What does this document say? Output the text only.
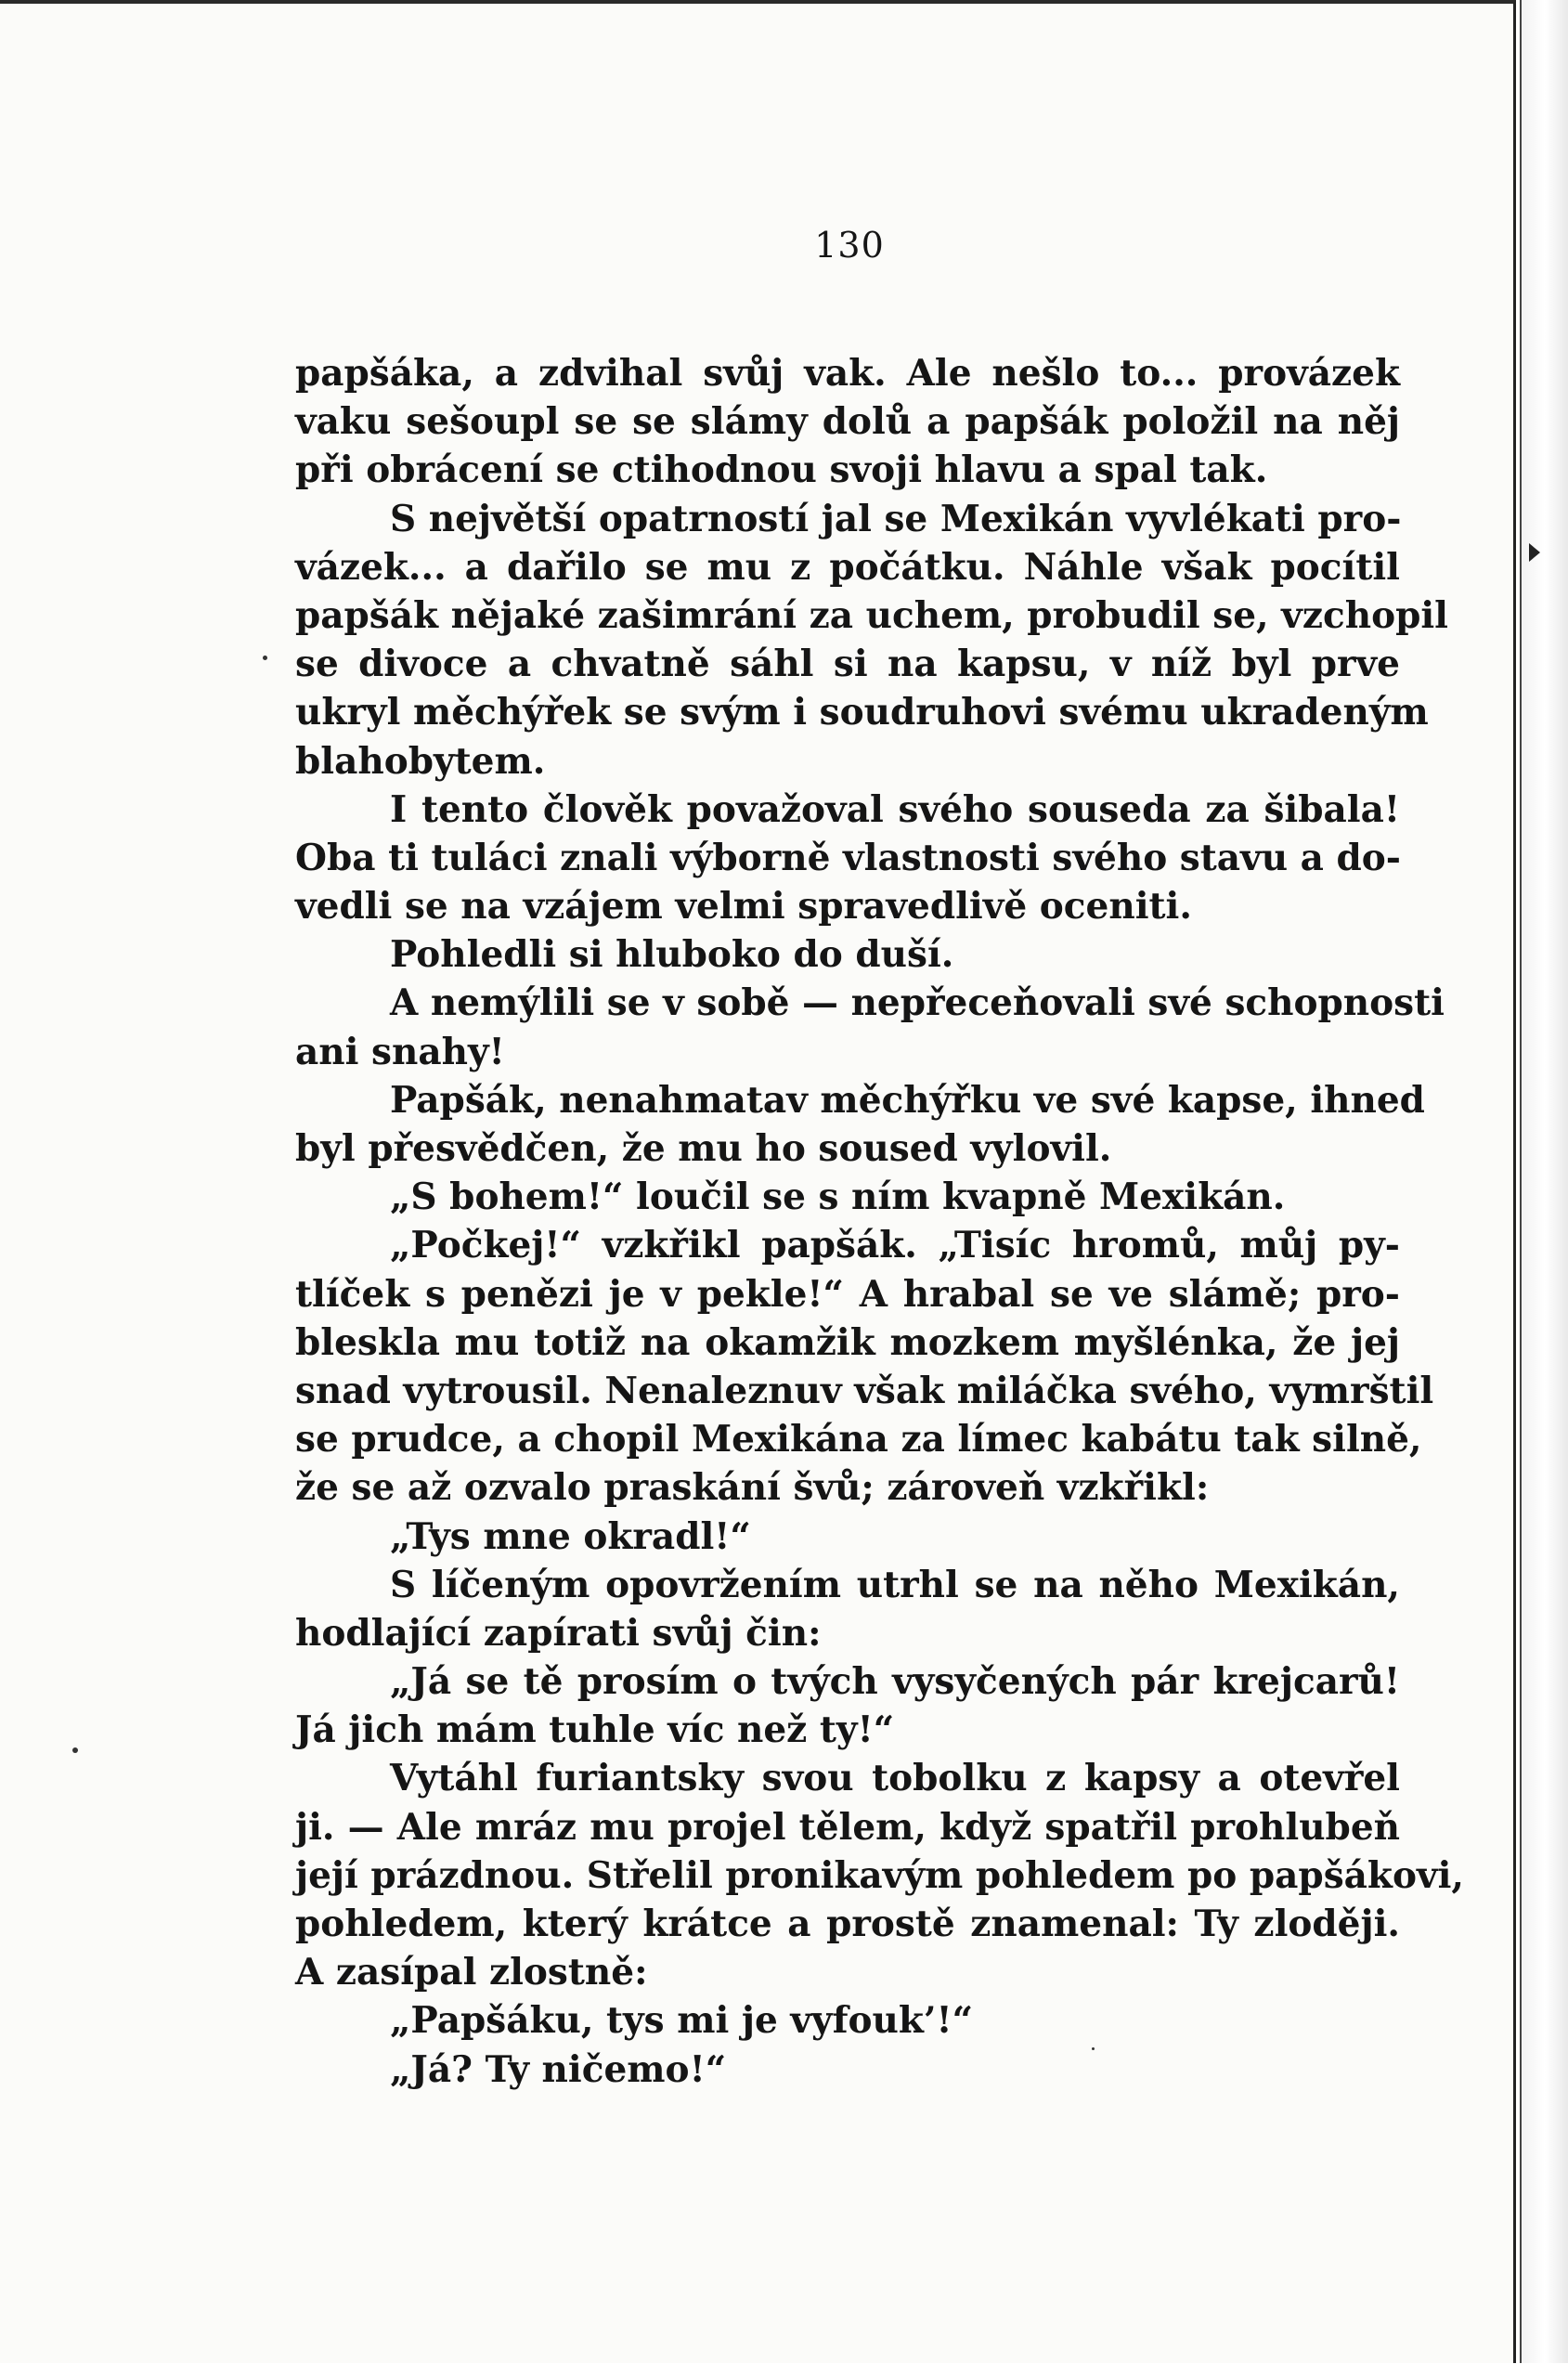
130
papšáka, a zdvihal svůj vak. Ale nešlo to... provázek
vaku sešoupl se se slámy dolů a papšák položil na něj
při obrácení se ctihodnou svoji hlavu a spal tak.
S největší opatrností jal se Mexikán vyvlékati pro-
vázek... a dařilo se mu z počátku. Náhle však pocítil
papšák nějaké zašimrání za uchem, probudil se, vzchopil
se divoce a chvatně sáhl si na kapsu, v níž byl prve
ukryl měchýřek se svým i soudruhovi svému ukradeným
blahobytem.
I tento člověk považoval svého souseda za šibala!
Oba ti tuláci znali výborně vlastnosti svého stavu a do-
vedli se na vzájem velmi spravedlivě oceniti.
Pohledli si hluboko do duší.
A nemýlili se v sobě — nepřeceňovali své schopnosti
ani snahy!
Papšák, nenahmatav měchýřku ve své kapse, ihned
byl přesvědčen, že mu ho soused vylovil.
„S bohem!“ loučil se s ním kvapně Mexikán.
„Počkej!“ vzkřikl papšák. „Tisíc hromů, můj py-
tlíček s penězi je v pekle!“ A hrabal se ve slámě; pro-
bleskla mu totiž na okamžik mozkem myšlénka, že jej
snad vytrousil. Nenaleznuv však miláčka svého, vymrštil
se prudce, a chopil Mexikána za límec kabátu tak silně,
že se až ozvalo praskání švů; zároveň vzkřikl:
„Tys mne okradl!“
S líčeným opovržením utrhl se na něho Mexikán,
hodlající zapírati svůj čin:
„Já se tě prosím o tvých vysyčených pár krejcarů!
Já jich mám tuhle víc než ty!“
Vytáhl furiantsky svou tobolku z kapsy a otevřel
ji. — Ale mráz mu projel tělem, když spatřil prohlubeň
její prázdnou. Střelil pronikavým pohledem po papšákovi,
pohledem, který krátce a prostě znamenal: Ty zloději.
A zasípal zlostně:
„Papšáku, tys mi je vyfouk’!“
„Já? Ty ničemo!“
